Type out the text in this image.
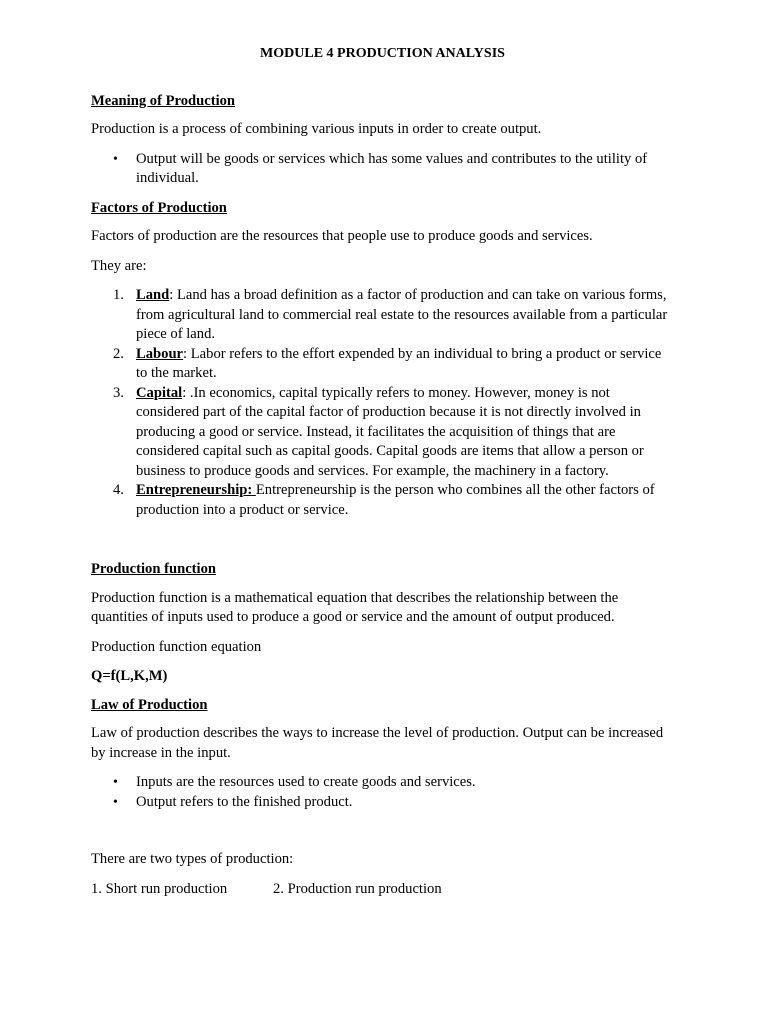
MODULE 4 PRODUCTION ANALYSIS
Meaning of Production

Production is a process of combining various inputs in order to create output.

• Output will be goods or services which has some values and contributes to the utility of individual.
Factors of Production

Factors of production are the resources that people use to produce goods and services.

They are:

1. Land: Land has a broad definition as a factor of production and can take on various forms, from agricultural land to commercial real estate to the resources available from a particular piece of land.
2. Labour: Labor refers to the effort expended by an individual to bring a product or service to the market.
3. Capital: .In economics, capital typically refers to money. However, money is not considered part of the capital factor of production because it is not directly involved in producing a good or service. Instead, it facilitates the acquisition of things that are considered capital such as capital goods. Capital goods are items that allow a person or business to produce goods and services. For example, the machinery in a factory.
4. Entrepreneurship: Entrepreneurship is the person who combines all the other factors of production into a product or service.
Production function

Production function is a mathematical equation that describes the relationship between the quantities of inputs used to produce a good or service and the amount of output produced.

Production function equation

Q=f(L,K,M)
Law of Production

Law of production describes the ways to increase the level of production. Output can be increased by increase in the input.

• Inputs are the resources used to create goods and services.
• Output refers to the finished product.

There are two types of production:

1. Short run production	2. Production run production
